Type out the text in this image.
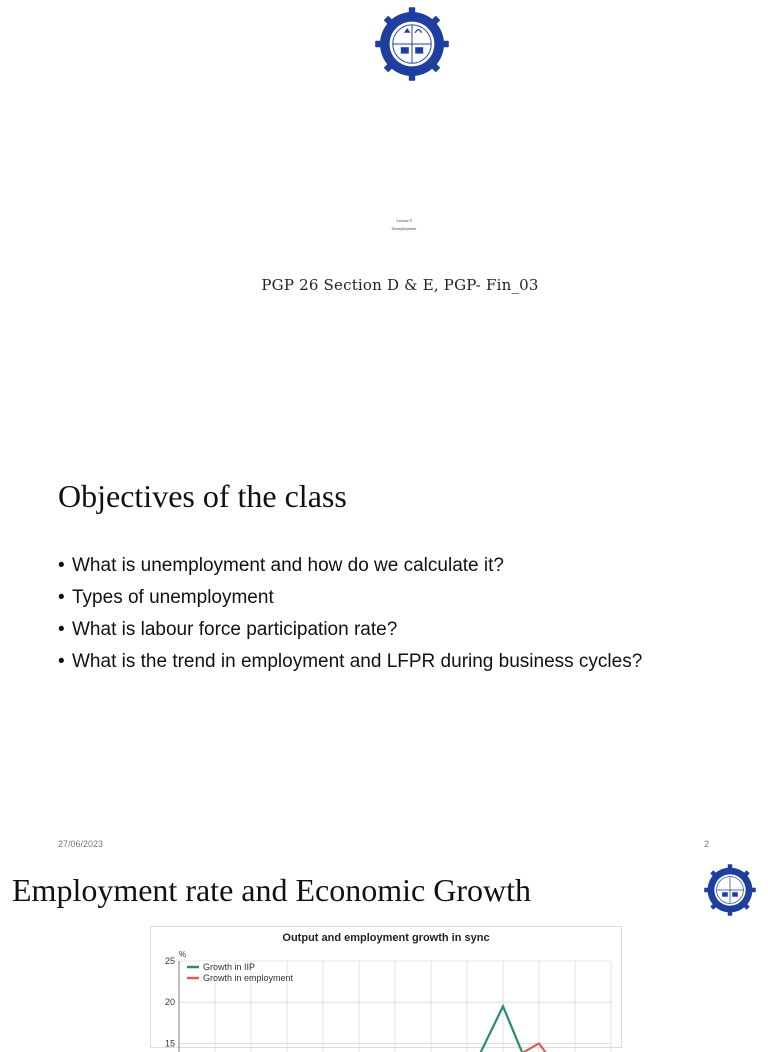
Lecture 8
Unemployment
PGP 26 Section D & E, PGP- Fin_03
Objectives of the class
• What is unemployment and how do we calculate it?
• Types of unemployment
• What is labour force participation rate?
• What is the trend in employment and LFPR during business cycles?
27/06/2023	2
Employment rate and Economic Growth
Output and employment growth in sync
%
25
20
15
Growth in IIP
Growth in employment
